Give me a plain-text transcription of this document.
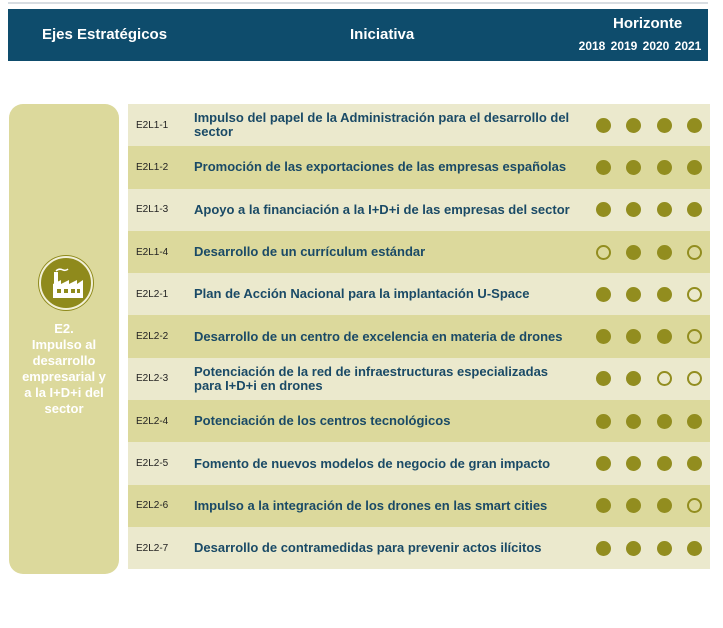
Ejes Estratégicos	Iniciativa
Horizonte
2018 2019 2020 2021
E2.
Impulso al desarrollo empresarial y a la I+D+i del sector
E2L1-1 Impulso del papel de la Administración para el desarrollo del sector
E2L1-2 Promoción de las exportaciones de las empresas españolas
E2L1-3 Apoyo a la financiación a la I+D+i de las empresas del sector
E2L1-4 Desarrollo de un currículum estándar
E2L2-1 Plan de Acción Nacional para la implantación U-Space
E2L2-2 Desarrollo de un centro de excelencia en materia de drones
E2L2-3 Potenciación de la red de infraestructuras especializadas para I+D+i en drones
E2L2-4 Potenciación de los centros tecnológicos
E2L2-5 Fomento de nuevos modelos de negocio de gran impacto
E2L2-6 Impulso a la integración de los drones en las smart cities
E2L2-7 Desarrollo de contramedidas para prevenir actos ilícitos
